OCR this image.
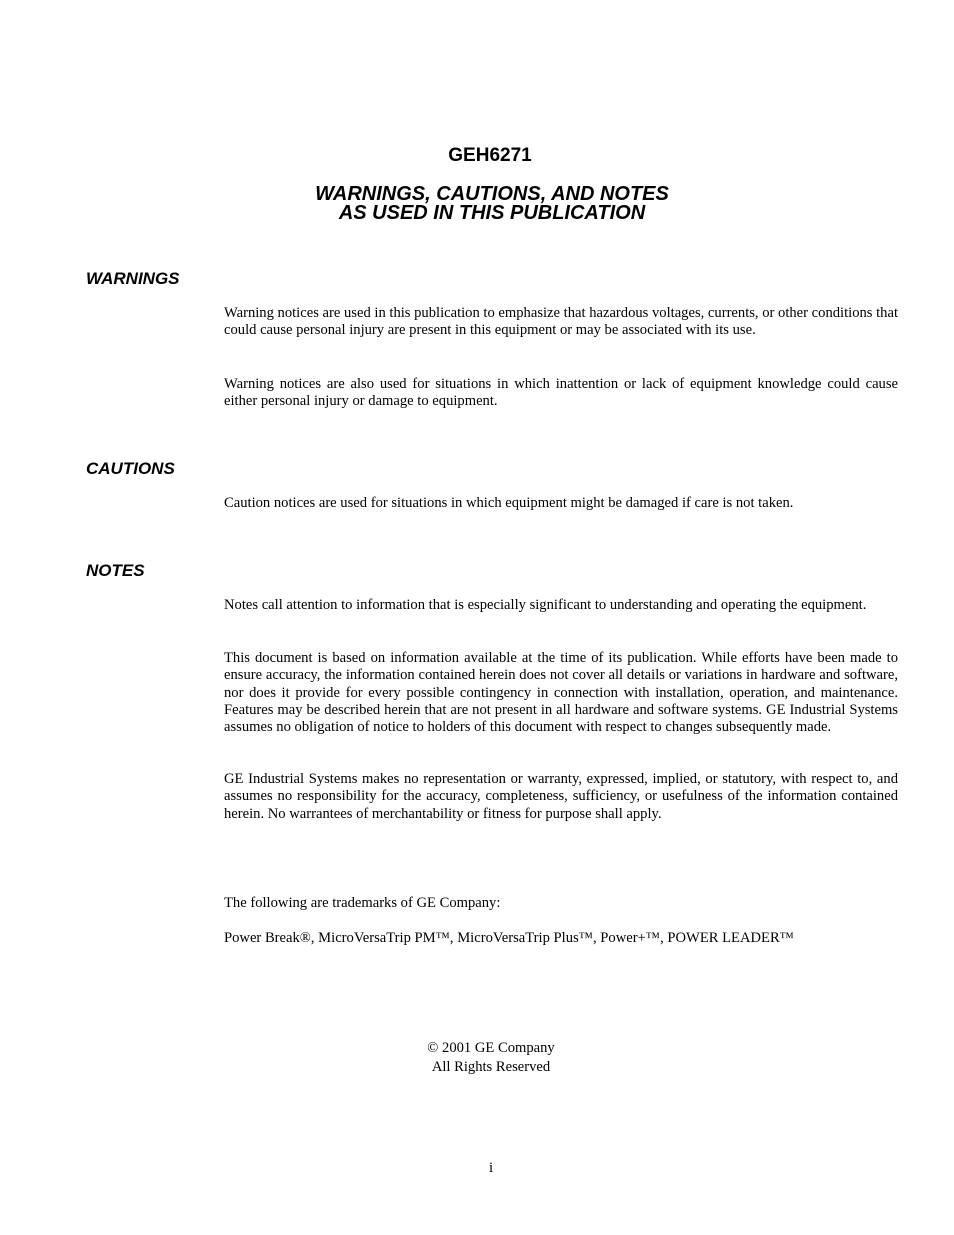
GEH6271
WARNINGS, CAUTIONS, AND NOTES
AS USED IN THIS PUBLICATION
WARNINGS

Warning notices are used in this publication to emphasize that hazardous voltages, currents, or other conditions that could cause personal injury are present in this equipment or may be associated with its use.

Warning notices are also used for situations in which inattention or lack of equipment knowledge could cause either personal injury or damage to equipment.

CAUTIONS

Caution notices are used for situations in which equipment might be damaged if care is not taken.

NOTES

Notes call attention to information that is especially significant to understanding and operating the equipment.

This document is based on information available at the time of its publication. While efforts have been made to ensure accuracy, the information contained herein does not cover all details or variations in hardware and software, nor does it provide for every possible contingency in connection with installation, operation, and maintenance. Features may be described herein that are not present in all hardware and software systems. GE Industrial Systems assumes no obligation of notice to holders of this document with respect to changes subsequently made.

GE Industrial Systems makes no representation or warranty, expressed, implied, or statutory, with respect to, and assumes no responsibility for the accuracy, completeness, sufficiency, or usefulness of the information contained herein. No warrantees of merchantability or fitness for purpose shall apply.

The following are trademarks of GE Company:

Power Break®, MicroVersaTrip PM™, MicroVersaTrip Plus™, Power+™, POWER LEADER™

© 2001 GE Company
All Rights Reserved
i
